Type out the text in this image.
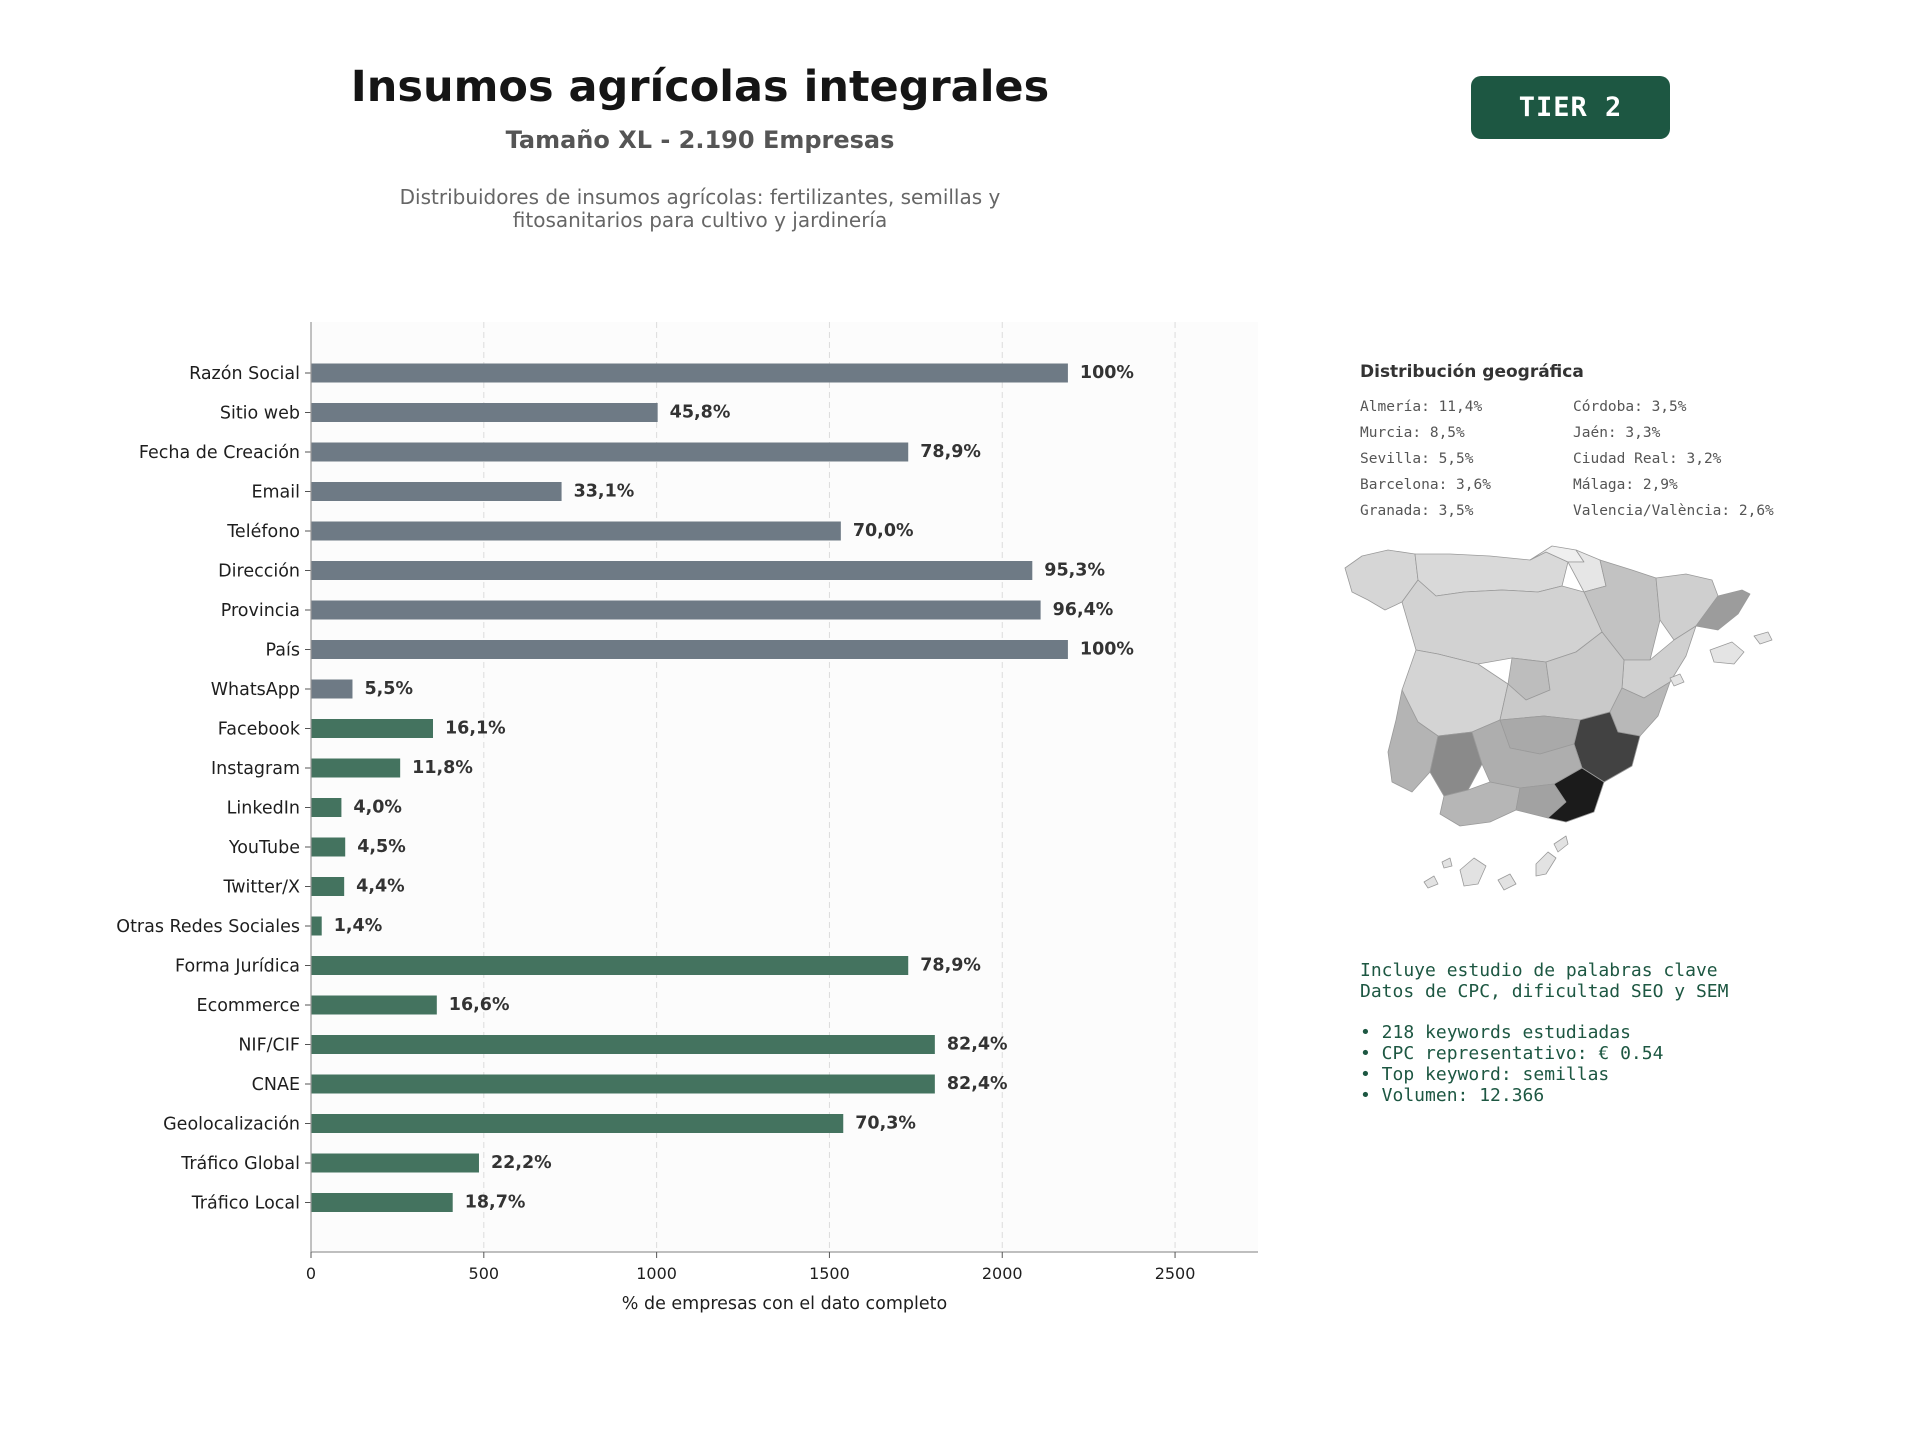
Insumos agrícolas integrales
Tamaño XL - 2.190 Empresas

Distribuidores de insumos agrícolas: fertilizantes, semillas y fitosanitarios para cultivo y jardinería

TIER 2
Razón Social	100%
Sitio web	45,8%
Fecha de Creación	78,9%
Email	33,1%
Teléfono	70,0%
Dirección	95,3%
Provincia	96,4%
País	100%
WhatsApp	5,5%
Facebook	16,1%
Instagram	11,8%
LinkedIn	4,0%
YouTube	4,5%
Twitter/X	4,4%
Otras Redes Sociales 1,4%
Forma Jurídica	78,9%
Ecommerce	16,6%
NIF/CIF	82,4%
CNAE	82,4%
Geolocalización	70,3%
Tráfico Global	22,2%
Tráfico Local	18,7%
0	500	1000	1500	2000	2500
% de empresas con el dato completo
Distribución geográfica
Almería: 11,4%	Córdoba: 3,5%
Murcia: 8,5%	Jaén: 3,3%
Sevilla: 5,5%	Ciudad Real: 3,2%
Barcelona: 3,6%	Málaga: 2,9%
Granada: 3,5%	Valencia/València: 2,6%
Incluye estudio de palabras clave
Datos de CPC, dificultad SEO y SEM
• 218 keywords estudiadas
• CPC representativo: € 0.54
• Top keyword: semillas
• Volumen: 12.366
